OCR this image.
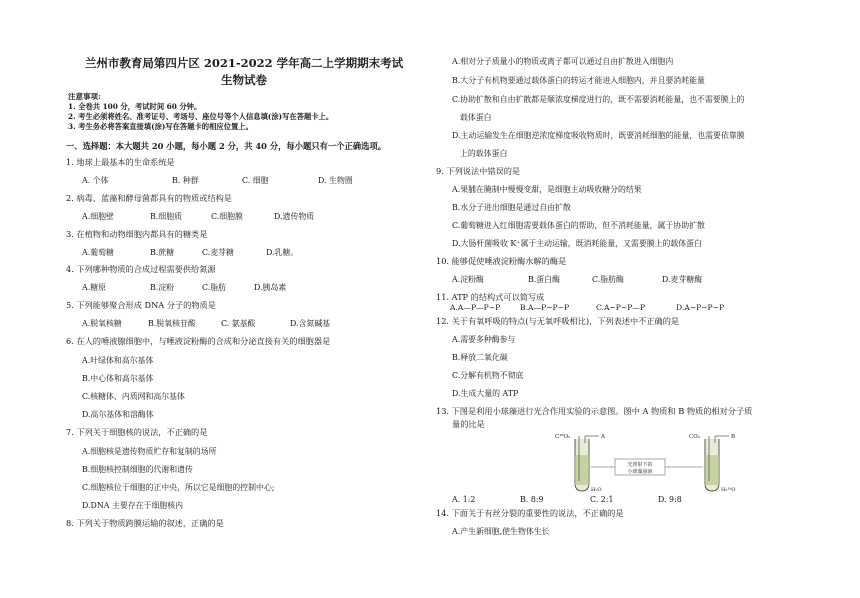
兰州市教育局第四片区 2021-2022 学年高二上学期期末考试
生物试卷
注意事项:
1. 全卷共 100 分，考试时间 60 分钟。
2. 考生必须将姓名、准考证号、考场号、座位号等个人信息填(涂)写在答题卡上。
3. 考生务必将答案直接填(涂)写在答题卡的相应位置上。
一、选择题：本大题共 20 小题，每小题 2 分，共 40 分，每小题只有一个正确选项。
1. 地球上最基本的生命系统是
A. 个体	B. 种群	C. 细胞	D. 生物圈
2. 病毒、蓝藻和酵母菌都具有的物质或结构是
A.细胞壁	B.细胞质	C.细胞膜	D.遗传物质
3. 在植物和动物细胞内都具有的糖类是
A.葡萄糖	B.蔗糖	C.麦芽糖	D.乳糖。
4. 下列哪种物质的合成过程需要供给氮源
A.糖原	B.淀粉	C.脂肪	D.胰岛素
5. 下列能够聚合形成 DNA 分子的物质是
A.脱氧核糖	B.脱氧核苷酸	C. 氨基酸	D.含氮碱基
6. 在人的唾液腺细胞中，与唾液淀粉酶的合成和分泌直接有关的细胞器是
A.叶绿体和高尔基体
B.中心体和高尔基体
C.核糖体、内质网和高尔基体
D.高尔基体和溶酶体
7. 下列关于细胞核的说法，不正确的是
A.细胞核是遗传物质贮存和复制的场所
B.细胞核控制细胞的代谢和遗传
C.细胞核位于细胞的正中央，所以它是细胞的控制中心;
D.DNA 主要存在于细胞核内
8. 下列关于物质跨膜运输的叙述，正确的是
A.相对分子质量小的物质或离子都可以通过自由扩散进入细胞内
B.大分子有机物要通过载体蛋白的转运才能进入细胞内，并且要消耗能量
C.协助扩散和自由扩散都是顺浓度梯度进行的，既不需要消耗能量，也不需要膜上的
载体蛋白
D.主动运输发生在细胞逆浓度梯度吸收物质时，既要消耗细胞的能量，也需要依靠膜
上的载体蛋白
9. 下列说法中错误的是
A.果脯在腌制中慢慢变甜，是细胞主动吸收糖分的结果
B.水分子进出细胞是通过自由扩散
C.葡萄糖进入红细胞需要载体蛋白的帮助，但不消耗能量，属于协助扩散
D.大肠杆菌吸收 K⁺属于主动运输，既消耗能量，又需要膜上的载体蛋白
10. 能够促使唾液淀粉酶水解的酶是
A.淀粉酶	B.蛋白酶	C.脂肪酶	D.麦芽糖酶
11. ATP 的结构式可以简写成
A.A—P—P~P	B.A—P~P~P	C.A~P~P—P	D.A~P~P~P
12. 关于有氧呼吸的特点(与无氧呼吸相比)，下列表述中不正确的是
A.需要多种酶参与
B.释放二氧化碳
C.分解有机物不彻底
D.生成大量的 ATP
13. 下图是利用小球藻进行光合作用实验的示意图。图中 A 物质和 B 物质的相对分子质
量的比是
光照射下的
小球藻悬液
C¹⁸O₂	A
H₂O
CO₂	B
H₂¹⁸O
A. 1:2	B. 8:9	C. 2:1	D. 9:8
14. 下面关于有丝分裂的重要性的说法，不正确的是
A.产生新细胞,使生物体生长
